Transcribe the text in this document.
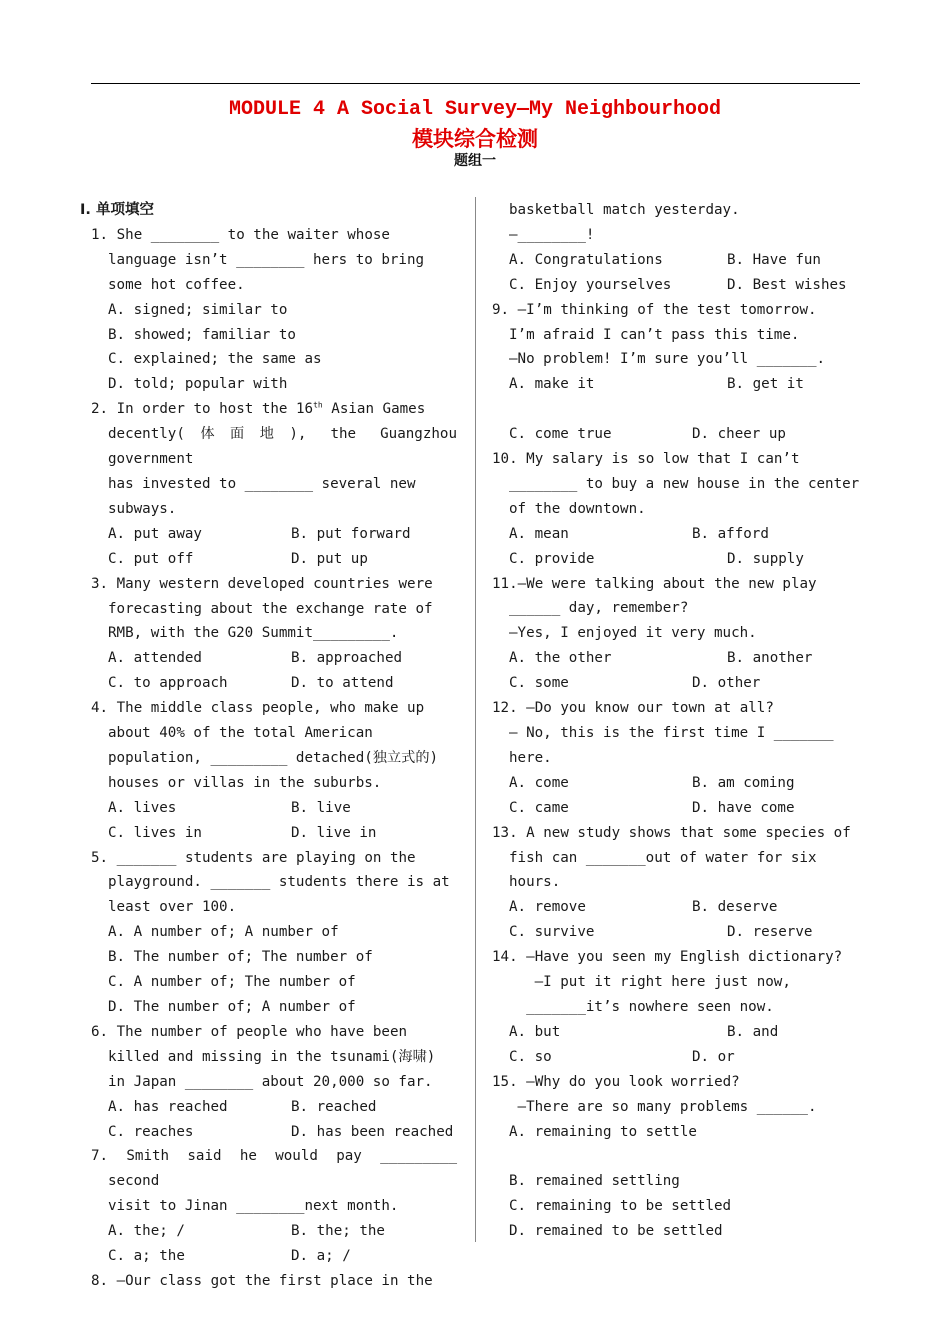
MODULE 4 A Social Survey—My Neighbourhood
模块综合检测
题组一
I. 单项填空
1. She ________ to the waiter whose
language isn’t ________ hers to bring
some hot coffee.
A. signed; similar to
B. showed; familiar to
C. explained; the same as
D. told; popular with
2. In order to host the 16th Asian Games
decently(体面地), the Guangzhou government
has invested to ________ several new
subways.
A. put away	B. put forward
C. put off	D. put up
3. Many western developed countries were
forecasting about the exchange rate of
RMB, with the G20 Summit_________.
A. attended	B. approached
C. to approach	D. to attend
4. The middle class people, who make up
about 40% of the total American
population, _________ detached(独立式的)
houses or villas in the suburbs.
A. lives	B. live
C. lives in	D. live in
5. _______ students are playing on the
playground. _______ students there is at
least over 100.
A. A number of; A number of
B. The number of; The number of
C. A number of; The number of
D. The number of; A number of
6. The number of people who have been
killed and missing in the tsunami(海啸)
in Japan ________ about 20,000 so far.
A. has reached	B. reached
C. reaches	D. has been reached
7. Smith said he would pay _________ second
visit to Jinan ________next month.
A. the; /	B. the; the
C. a; the	D. a; /
8. —Our class got the first place in the
basketball match yesterday.
—________!
A. Congratulations	B. Have fun
C. Enjoy yourselves	D. Best wishes
9. —I’m thinking of the test tomorrow.
I’m afraid I can’t pass this time.
—No problem! I’m sure you’ll _______.
A. make it	B. get it
C. come true	D. cheer up
10. My salary is so low that I can’t
________ to buy a new house in the center
of the downtown.
A. mean	B. afford
C. provide	D. supply
11.—We were talking about the new play
______ day, remember?
—Yes, I enjoyed it very much.
A. the other	B. another
C. some	D. other
12. —Do you know our town at all?
— No, this is the first time I _______
here.
A. come	B. am coming
C. came	D. have come
13. A new study shows that some species of
fish can _______out of water for six
hours.
A. remove	B. deserve
C. survive	D. reserve
14. —Have you seen my English dictionary?
—I put it right here just now,
_______it’s nowhere seen now.
A. but	B. and
C. so	D. or
15. —Why do you look worried?
—There are so many problems ______.
A. remaining to settle
B. remained settling
C. remaining to be settled
D. remained to be settled
